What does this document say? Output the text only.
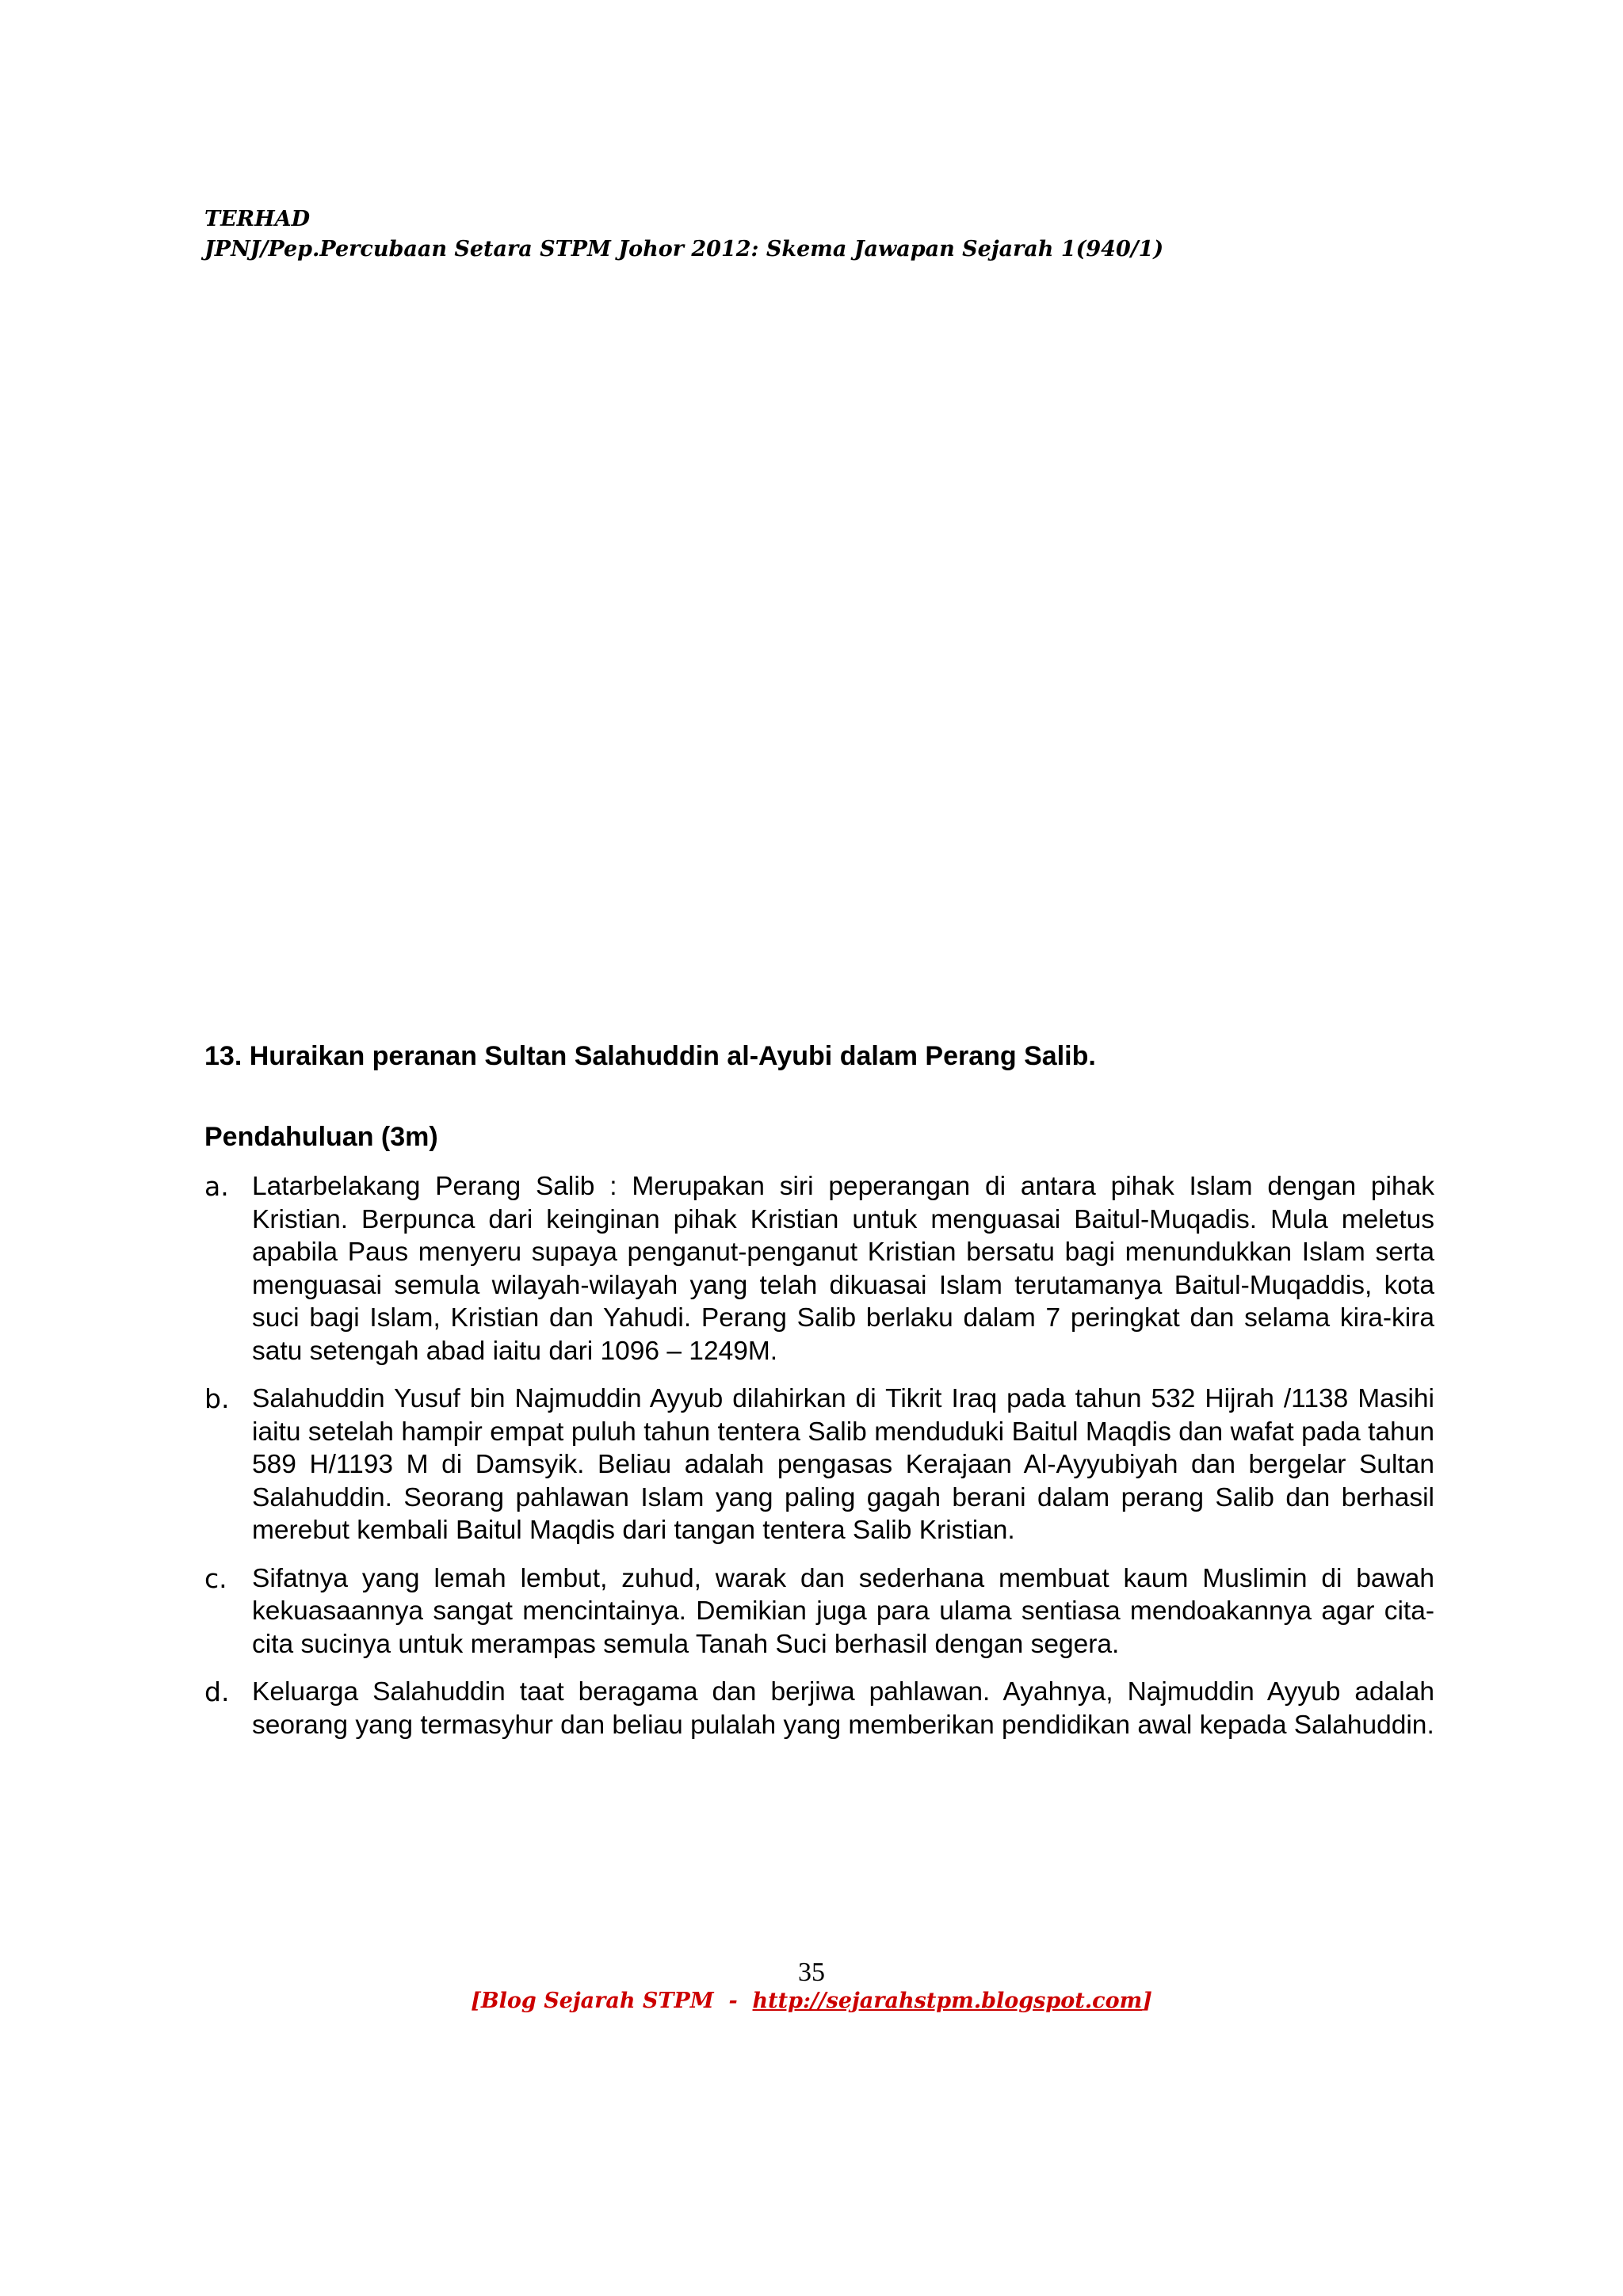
TERHAD
JPNJ/Pep.Percubaan Setara STPM Johor 2012: Skema Jawapan Sejarah 1(940/1)
13. Huraikan peranan Sultan Salahuddin al-Ayubi dalam Perang Salib.
Pendahuluan (3m)
a. Latarbelakang Perang Salib : Merupakan siri peperangan di antara pihak Islam dengan pihak Kristian. Berpunca dari keinginan pihak Kristian untuk menguasai Baitul-Muqadis. Mula meletus apabila Paus menyeru supaya penganut-penganut Kristian bersatu bagi menundukkan Islam serta menguasai semula wilayah-wilayah yang telah dikuasai Islam terutamanya Baitul-Muqaddis, kota suci bagi Islam, Kristian dan Yahudi. Perang Salib berlaku dalam 7 peringkat dan selama kira-kira satu setengah abad iaitu dari 1096 – 1249M.
b. Salahuddin Yusuf bin Najmuddin Ayyub dilahirkan di Tikrit Iraq pada tahun 532 Hijrah /1138 Masihi iaitu setelah hampir empat puluh tahun tentera Salib menduduki Baitul Maqdis dan wafat pada tahun 589 H/1193 M di Damsyik. Beliau adalah pengasas Kerajaan Al-Ayyubiyah dan bergelar Sultan Salahuddin. Seorang pahlawan Islam yang paling gagah berani dalam perang Salib dan berhasil merebut kembali Baitul Maqdis dari tangan tentera Salib Kristian.
c. Sifatnya yang lemah lembut, zuhud, warak dan sederhana membuat kaum Muslimin di bawah kekuasaannya sangat mencintainya. Demikian juga para ulama sentiasa mendoakannya agar cita-cita sucinya untuk merampas semula Tanah Suci berhasil dengan segera.
d. Keluarga Salahuddin taat beragama dan berjiwa pahlawan. Ayahnya, Najmuddin Ayyub adalah seorang yang termasyhur dan beliau pulalah yang memberikan pendidikan awal kepada Salahuddin.
35
[Blog Sejarah STPM  -  http://sejarahstpm.blogspot.com]
